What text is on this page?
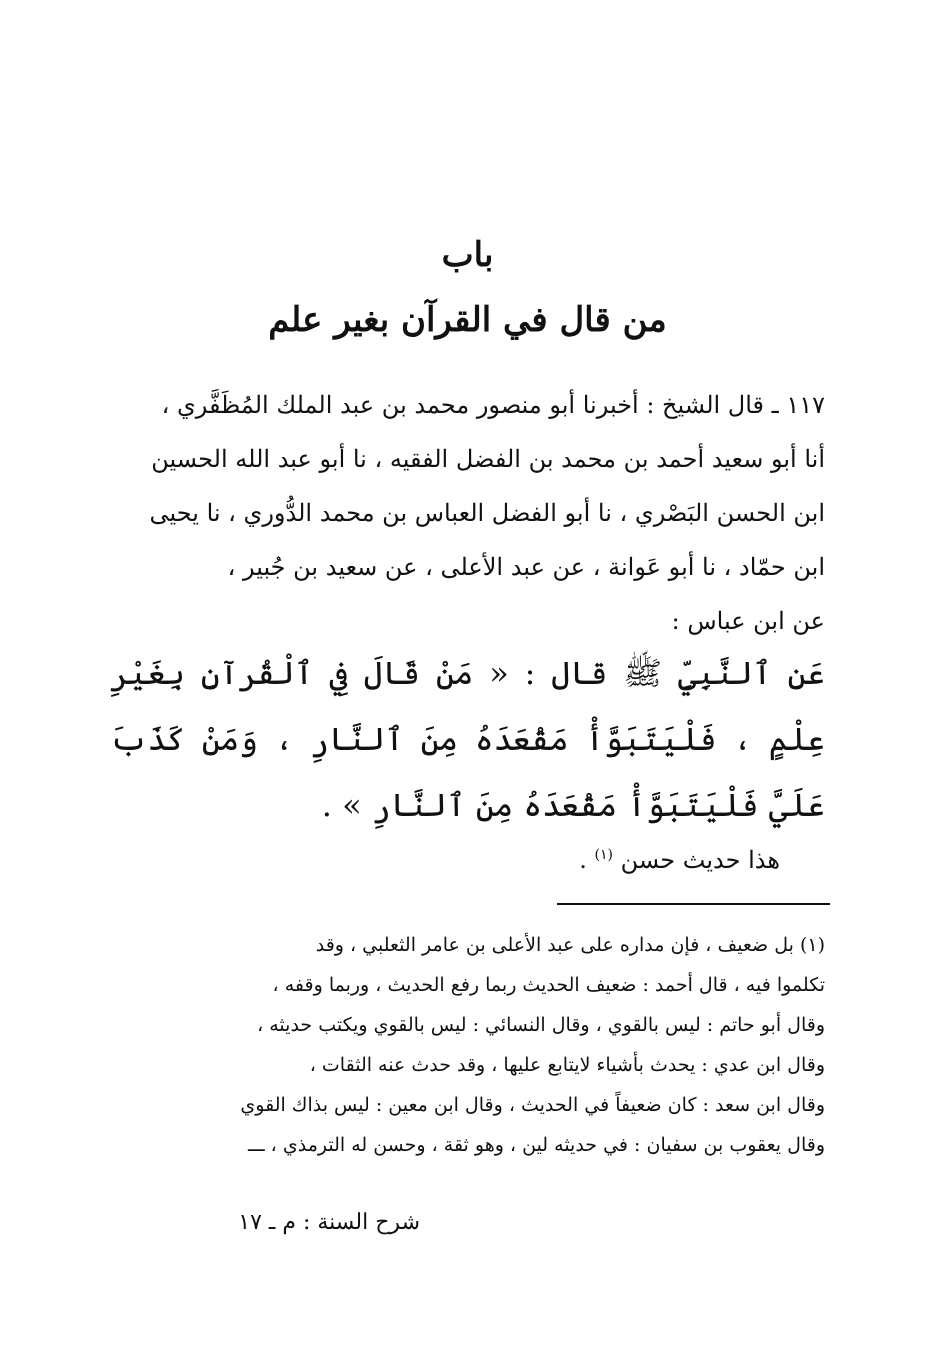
باب
من قال في القرآن بغير علم

١١٧ ـ قال الشيخ : أخبرنا أبو منصور محمد بن عبد الملك المُظَفَّري ،

أنا أبو سعيد أحمد بن محمد بن الفضل الفقيه ، نا أبو عبد الله الحسين

ابن الحسن البَصْري ، نا أبو الفضل العباس بن محمد الدُّوري ، نا يحيى

ابن حمّاد ، نا أبو عَوانة ، عن عبد الأعلى ، عن سعيد بن جُبير ،

عن ابن عباس :

عَنِ ٱلنَّبِيِّ ﷺ قال : « مَنْ قَالَ فِي ٱلْقُرآنِ بِغَيْرِ عِلْمٍ ، فَلْيَتَبَوَّأْ مَقْعَدَهُ مِنَ ٱلنَّارِ ، وَمَنْ كَذَبَ عَلَيَّ فَلْيَتَبَوَّأْ مَقْعَدَهُ مِنَ ٱلنَّارِ » .
هذا حديث حسن $^{(١)}$ .

(١) بل ضعيف ، فإن مداره على عبد الأعلى بن عامر الثعلبي ، وقد

تكلموا فيه ، قال أحمد : ضعيف الحديث ربما رفع الحديث ، وربما وقفه ،

وقال أبو حاتم : ليس بالقوي ، وقال النسائي : ليس بالقوي ويكتب حديثه ،

وقال ابن عدي : يحدث بأشياء لايتابع عليها ، وقد حدث عنه الثقات ،

وقال ابن سعد : كان ضعيفاً في الحديث ، وقال ابن معين : ليس بذاك القوي

وقال يعقوب بن سفيان : في حديثه لين ، وهو ثقة ، وحسن له الترمذي ، ـــ

شرح السنة : م ـ ١٧
